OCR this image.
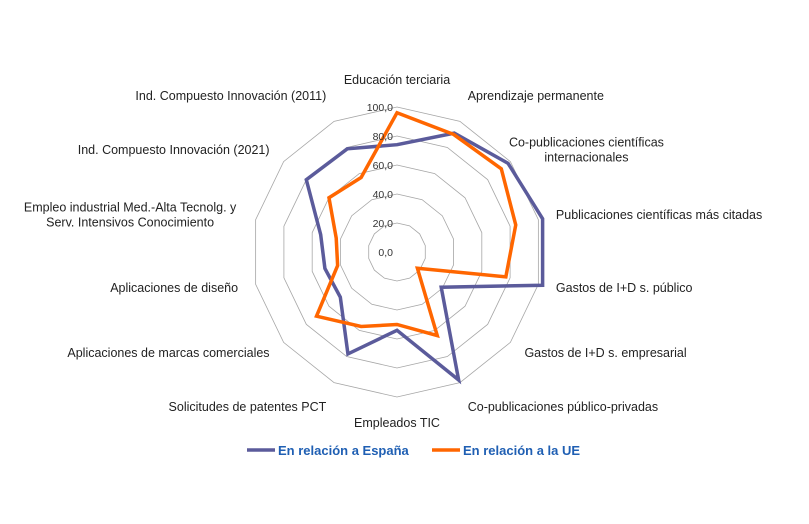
0,0
20,0
40,0
60,0
80,0
100,0
Educación terciaria
Aprendizaje permanente
Co-publicaciones científicas internacionales
Publicaciones científicas más citadas
Gastos de I+D s. público
Gastos de I+D s. empresarial
Co-publicaciones público-privadas
Empleados TIC
Solicitudes de patentes PCT
Aplicaciones de marcas comerciales
Aplicaciones de diseño
Empleo industrial Med.-Alta Tecnolg. y Serv. Intensivos Conocimiento
Ind. Compuesto Innovación (2021)
Ind. Compuesto Innovación (2011)
En relación a España	En relación a la UE
